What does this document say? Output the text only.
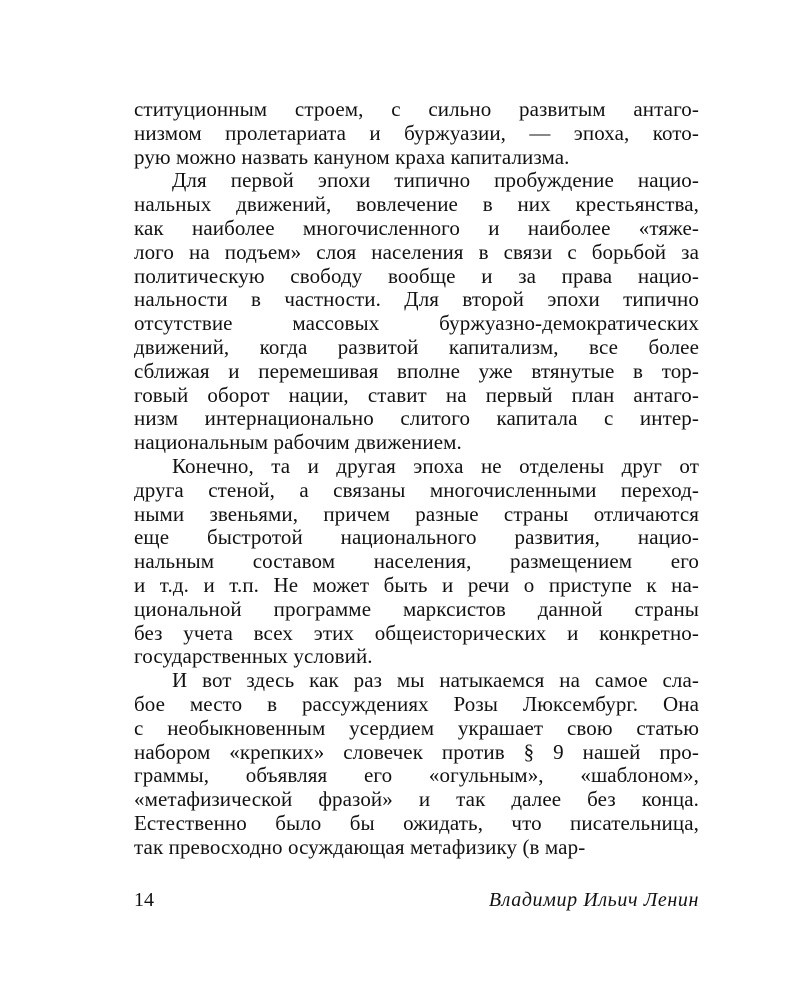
ституционным строем, с сильно развитым антаго-
низмом пролетариата и буржуазии, — эпоха, кото-
рую можно назвать кануном краха капитализма.
Для первой эпохи типично пробуждение нацио-
нальных движений, вовлечение в них крестьянства,
как наиболее многочисленного и наиболее «тяже-
лого на подъем» слоя населения в связи с борьбой за
политическую свободу вообще и за права нацио-
нальности в частности. Для второй эпохи типично
отсутствие массовых буржуазно-демократических
движений, когда развитой капитализм, все более
сближая и перемешивая вполне уже втянутые в тор-
говый оборот нации, ставит на первый план антаго-
низм интернационально слитого капитала с интер-
национальным рабочим движением.
Конечно, та и другая эпоха не отделены друг от
друга стеной, а связаны многочисленными переход-
ными звеньями, причем разные страны отличаются
еще быстротой национального развития, нацио-
нальным составом населения, размещением его
и т.д. и т.п. Не может быть и речи о приступе к на-
циональной программе марксистов данной страны
без учета всех этих общеисторических и конкретно-
государственных условий.
И вот здесь как раз мы натыкаемся на самое сла-
бое место в рассуждениях Розы Люксембург. Она
с необыкновенным усердием украшает свою статью
набором «крепких» словечек против § 9 нашей про-
граммы, объявляя его «огульным», «шаблоном»,
«метафизической фразой» и так далее без конца.
Естественно было бы ожидать, что писательница,
так превосходно осуждающая метафизику (в мар-
14	Владимир Ильич Ленин
